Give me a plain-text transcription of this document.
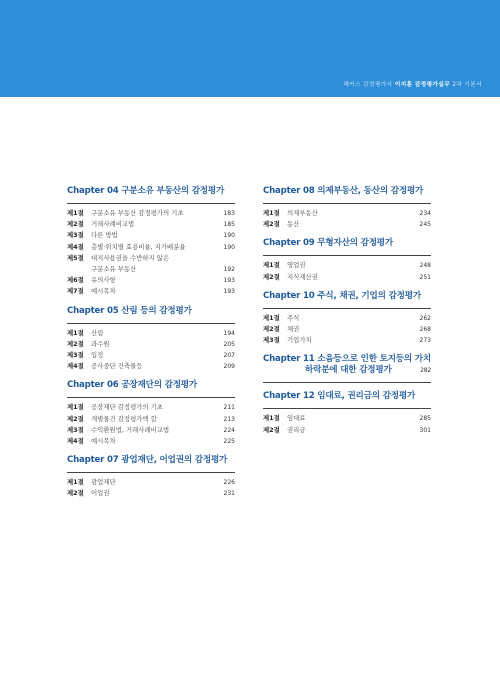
해커스 감정평가사 이지훈 감정평가실무 2차 기본서
Chapter 04 구분소유 부동산의 감정평가
제1절	구분소유 부동산 감정평가의 기초	183
제2절	거래사례비교법	185
제3절	다른 방법	190
제4절	층별·위치별 효용비율, 지가배분율	190
제5절	대지사용권을 수반하지 않은
구분소유 부동산	192
제6절	유의사항	193
제7절	예시목차	193
Chapter 05 산림 등의 감정평가
제1절	산림	194
제2절	과수원	205
제3절	입정	207
제4절	공사중단 건축물등	209
Chapter 06 공장재단의 감정평가
제1절	공장재단 감정평가의 기초	211
제2절	개별물건 감정평가액 합	213
제3절	수익환원법, 거래사례비교법	224
제4절	예시목차	225
Chapter 07 광업재단, 어업권의 감정평가
제1절	광업재단	226
제2절	어업권	231
Chapter 08 의제부동산, 동산의 감정평가
제1절	의제부동산	234
제2절	동산	245
Chapter 09 무형자산의 감정평가
제1절	영업권	248
제2절	지식재산권	251
Chapter 10 주식, 채권, 기업의 감정평가
제1절	주식	262
제2절	채권	268
제3절	기업가치	273
Chapter 11 소음등으로 인한 토지등의 가치
하락분에 대한 감정평가	282
Chapter 12 임대료, 권리금의 감정평가
제1절	임대료	285
제2절	권리금	301
